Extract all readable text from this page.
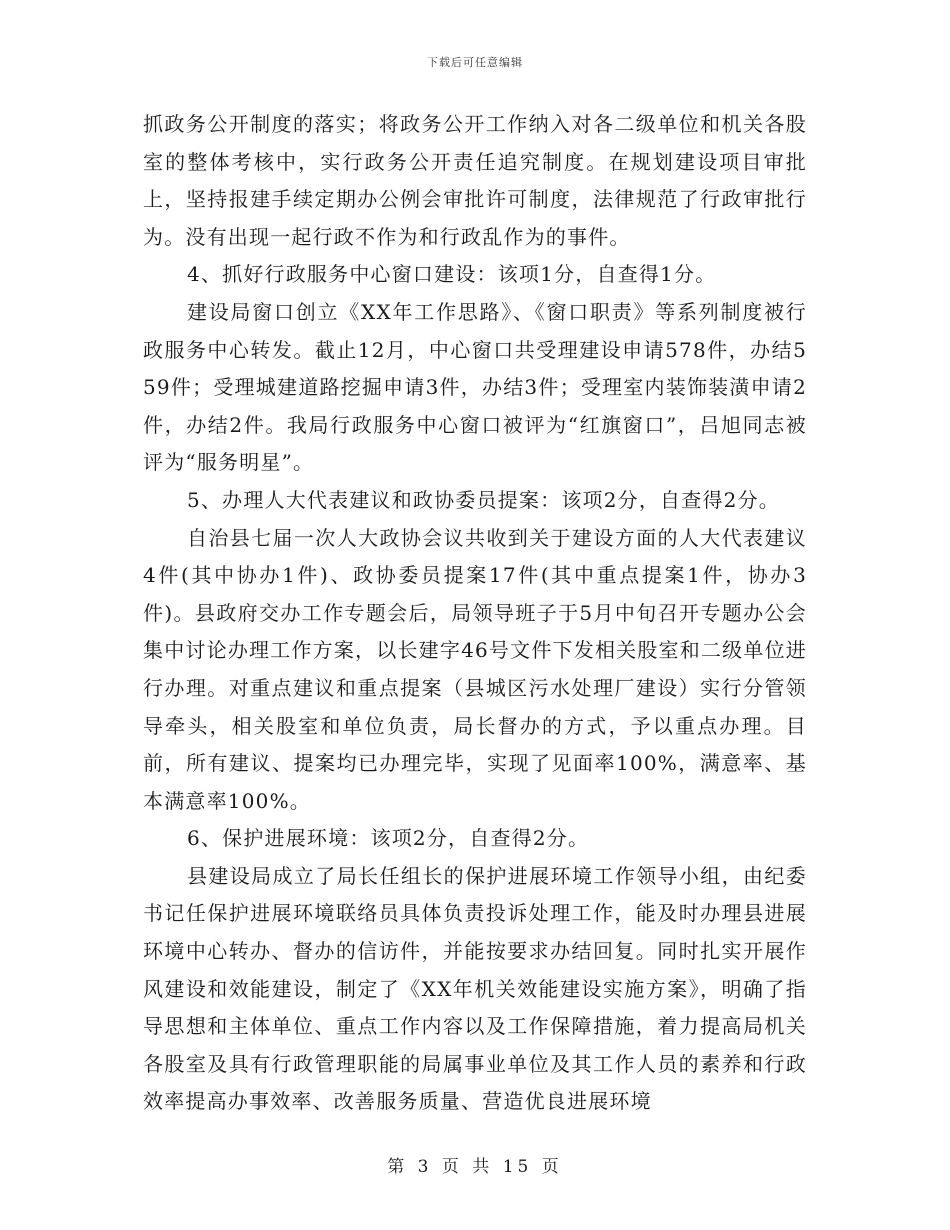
下载后可任意编辑

抓政务公开制度的落实；将政务公开工作纳入对各二级单位和机关各股室的整体考核中，实行政务公开责任追究制度。在规划建设项目审批上，坚持报建手续定期办公例会审批许可制度，法律规范了行政审批行为。没有出现一起行政不作为和行政乱作为的事件。

4、抓好行政服务中心窗口建设：该项1分，自查得1分。

建设局窗口创立《XX年工作思路》、《窗口职责》等系列制度被行政服务中心转发。截止12月，中心窗口共受理建设申请578件，办结559件；受理城建道路挖掘申请3件，办结3件；受理室内装饰装潢申请2件，办结2件。我局行政服务中心窗口被评为“红旗窗口”，吕旭同志被评为“服务明星”。

5、办理人大代表建议和政协委员提案：该项2分，自查得2分。

自治县七届一次人大政协会议共收到关于建设方面的人大代表建议4件(其中协办1件)、政协委员提案17件(其中重点提案1件，协办3件)。县政府交办工作专题会后，局领导班子于5月中旬召开专题办公会集中讨论办理工作方案，以长建字46号文件下发相关股室和二级单位进行办理。对重点建议和重点提案（县城区污水处理厂建设）实行分管领导牵头，相关股室和单位负责，局长督办的方式，予以重点办理。目前，所有建议、提案均已办理完毕，实现了见面率100%，满意率、基本满意率100%。

6、保护进展环境：该项2分，自查得2分。

县建设局成立了局长任组长的保护进展环境工作领导小组，由纪委书记任保护进展环境联络员具体负责投诉处理工作，能及时办理县进展环境中心转办、督办的信访件，并能按要求办结回复。同时扎实开展作风建设和效能建设，制定了《XX年机关效能建设实施方案》，明确了指导思想和主体单位、重点工作内容以及工作保障措施，着力提高局机关各股室及具有行政管理职能的局属事业单位及其工作人员的素养和行政效率提高办事效率、改善服务质量、营造优良进展环境

第 3 页 共 15 页
